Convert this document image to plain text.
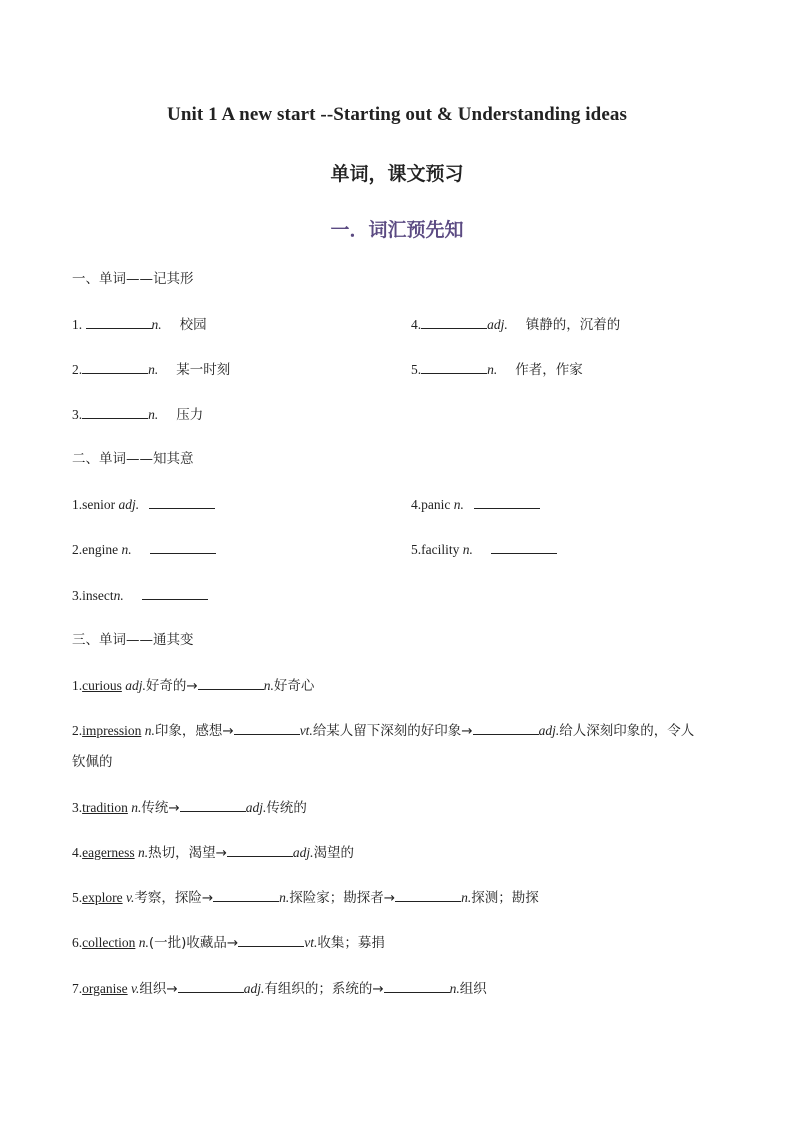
Unit 1 A new start --Starting out & Understanding ideas
单词，课文预习
一．词汇预先知
一、单词——记其形
1.	n. 校园
2.	n. 某一时刻
3.	n. 压力
4.	adj. 镇静的，沉着的
5.	n. 作者，作家
二、单词——知其意
1.senior adj.
2.engine n.
3.insectn.
4.panic n.
5.facility n.
三、单词——通其变
1.curious adj.好奇的→	n.好奇心
2.impression n.印象，感想→	vt.给某人留下深刻的好印象→	adj.给人深刻印象的，令人
钦佩的
3.tradition n.传统→	adj.传统的
4.eagerness n.热切，渴望→	adj.渴望的
5.explore v.考察，探险→	n.探险家；勘探者→	n.探测；勘探
6.collection n.(一批)收藏品→	vt.收集；募捐
7.organise v.组织→	adj.有组织的；系统的→	n.组织
